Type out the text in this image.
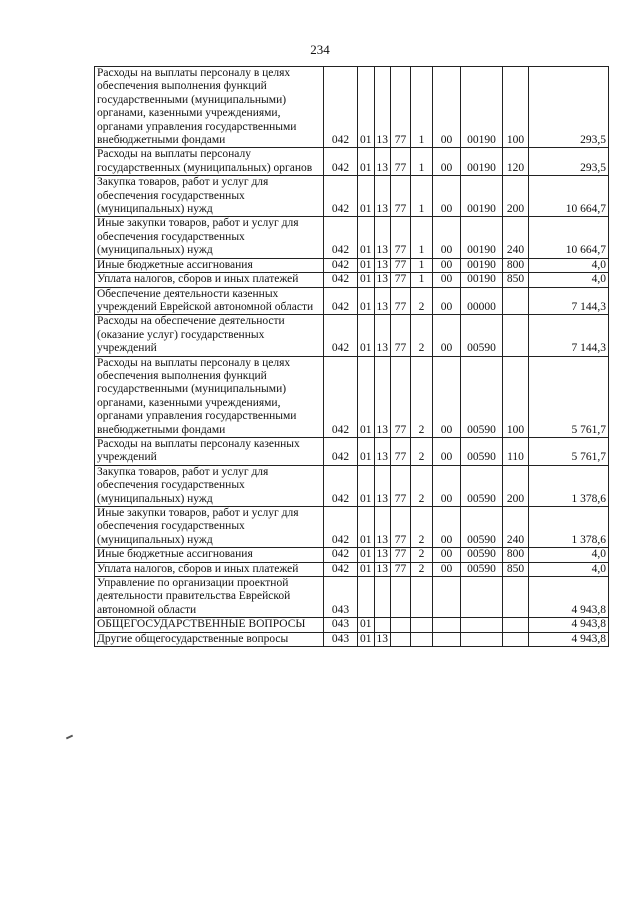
234
Расходы на выплаты персоналу в целях обеспечения выполнения функций государственными (муниципальными) органами, казенными учреждениями, органами управления государственными внебюджетными фондами	042	01	13	77	1	00	00190	100	293,5
Расходы на выплаты персоналу государственных (муниципальных) органов	042	01	13	77	1	00	00190	120	293,5
Закупка товаров, работ и услуг для обеспечения государственных (муниципальных) нужд	042	01	13	77	1	00	00190	200	10 664,7
Иные закупки товаров, работ и услуг для обеспечения государственных (муниципальных) нужд	042	01	13	77	1	00	00190	240	10 664,7
Иные бюджетные ассигнования	042	01	13	77	1	00	00190	800	4,0
Уплата налогов, сборов и иных платежей	042	01	13	77	1	00	00190	850	4,0
Обеспечение деятельности казенных учреждений Еврейской автономной области	042	01	13	77	2	00	00000		7 144,3
Расходы на обеспечение деятельности (оказание услуг) государственных учреждений	042	01	13	77	2	00	00590		7 144,3
Расходы на выплаты персоналу в целях обеспечения выполнения функций государственными (муниципальными) органами, казенными учреждениями, органами управления государственными внебюджетными фондами	042	01	13	77	2	00	00590	100	5 761,7
Расходы на выплаты персоналу казенных учреждений	042	01	13	77	2	00	00590	110	5 761,7
Закупка товаров, работ и услуг для обеспечения государственных (муниципальных) нужд	042	01	13	77	2	00	00590	200	1 378,6
Иные закупки товаров, работ и услуг для обеспечения государственных (муниципальных) нужд	042	01	13	77	2	00	00590	240	1 378,6
Иные бюджетные ассигнования	042	01	13	77	2	00	00590	800	4,0
Уплата налогов, сборов и иных платежей	042	01	13	77	2	00	00590	850	4,0
Управление по организации проектной деятельности правительства Еврейской автономной области	043								4 943,8
ОБЩЕГОСУДАРСТВЕННЫЕ ВОПРОСЫ	043	01							4 943,8
Другие общегосударственные вопросы	043	01	13						4 943,8
